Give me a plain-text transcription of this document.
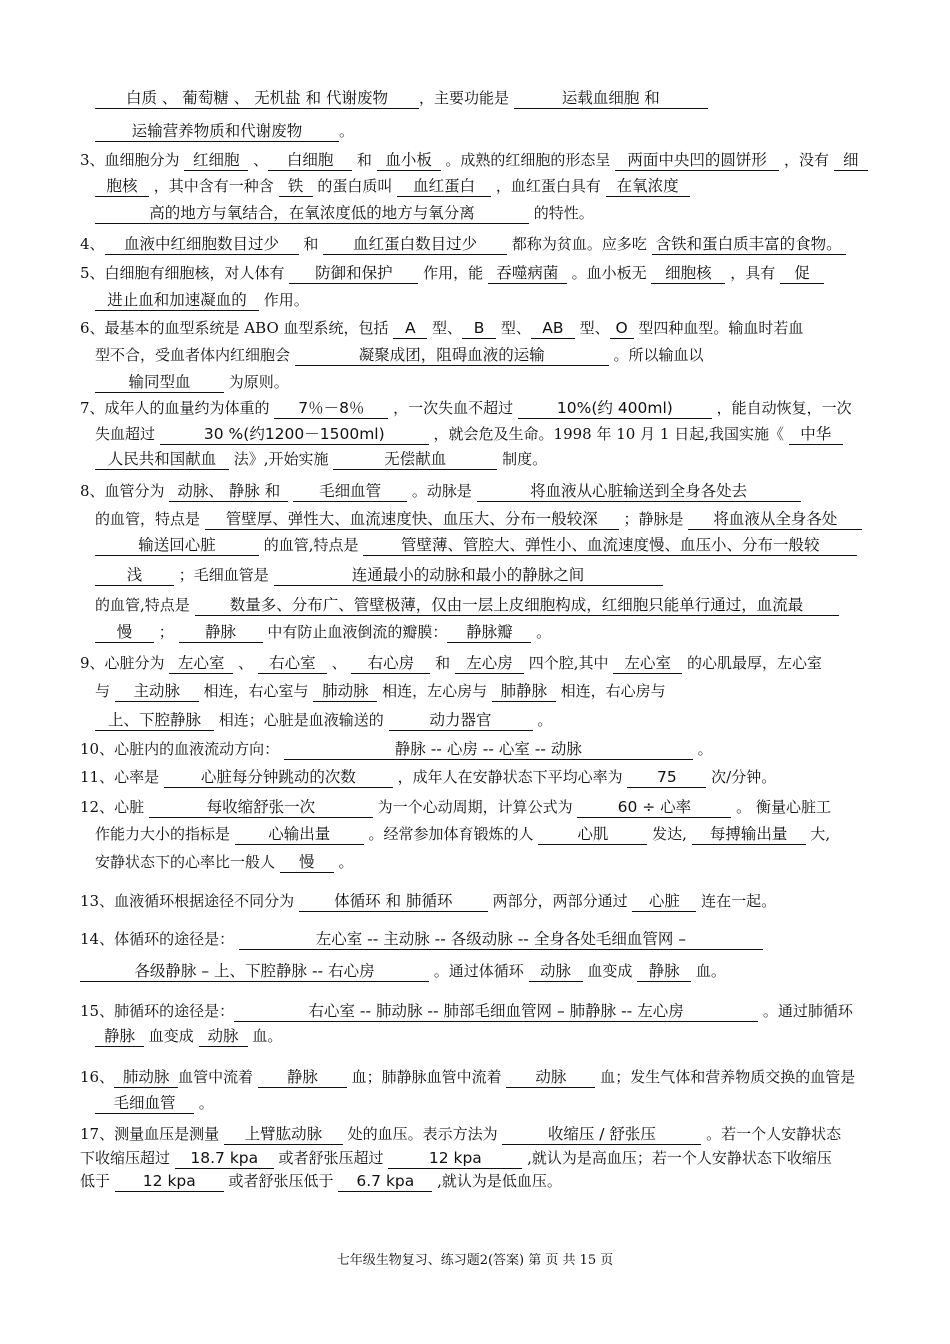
白质 、 葡萄糖 、 无机盐 和 代谢废物 ，主要功能是	运载血细胞 和
运输营养物质和代谢废物 。
3、血细胞分为 红细胞 、 白细胞 和 血小板 。成熟的红细胞的形态呈 两面中央凹的圆饼形 ，没有 细
胞核 ，其中含有一种含 铁 的蛋白质叫 血红蛋白 ，血红蛋白具有 在氧浓度
高的地方与氧结合，在氧浓度低的地方与氧分离	的特性。
4、 血液中红细胞数目过少 和 血红蛋白数目过少 都称为贫血。应多吃 含铁和蛋白质丰富的食物。
5、白细胞有细胞核，对人体有 防御和保护 作用，能 吞噬病菌 。血小板无 细胞核 ，具有 促
进止血和加速凝血的 作用。
6、最基本的血型系统是 ABO 血型系统，包括 A 型、 B 型、 AB 型、 O 型四种血型。输血时若血
型不合，受血者体内红细胞会	凝聚成团，阻碍血液的运输	。所以输血以
输同型血 为原则。
7、成年人的血量约为体重的 7％－8％ ，一次失血不超过	10%(约 400ml)	，能自动恢复，一次
失血超过	30 %(约1200－1500ml)	，就会危及生命。1998 年 10 月 1 日起,我国实施《 中华
人民共和国献血 法》,开始实施	无偿献血	制度。
8、血管分为 动脉、 静脉 和	毛细血管 。动脉是	将血液从心脏输送到全身各处去
的血管，特点是 管壁厚、弹性大、血流速度快、血压大、分布一般较深 ；静脉是 将血液从全身各处
输送回心脏	的血管,特点是 管壁薄、管腔大、弹性小、血流速度慢、血压小、分布一般较
浅 ；毛细血管是	连通最小的动脉和最小的静脉之间
的血管,特点是 数量多、分布广、管壁极薄，仅由一层上皮细胞构成，红细胞只能单行通过，血流最
慢 ； 静脉 中有防止血液倒流的瓣膜： 静脉瓣 。
9、心脏分为 左心室 、 右心室 、 右心房 和 左心房 四个腔,其中 左心室 的心肌最厚，左心室
与 主动脉 相连，右心室与 肺动脉 相连，左心房与 肺静脉 相连，右心房与
上、下腔静脉 相连；心脏是血液输送的	动力器官	。
10、心脏内的血液流动方向：	静脉 -- 心房 -- 心室 -- 动脉	。
11、心率是 心脏每分钟跳动的次数 ，成年人在安静状态下平均心率为 75 次/分钟。
12、心脏	每收缩舒张一次	为一个心动周期，计算公式为	60 ÷ 心率	。 衡量心脏工
作能力大小的指标是 心输出量 。经常参加体育锻炼的人	心肌	发达, 每搏输出量 大,
安静状态下的心率比一般人 慢 。
13、血液循环根据途径不同分为 体循环 和 肺循环 两部分，两部分通过 心脏 连在一起。
14、体循环的途径是：	左心室 -- 主动脉 -- 各级动脉 -- 全身各处毛细血管网 –
各级静脉 – 上、下腔静脉 -- 右心房	。通过体循环 动脉 血变成 静脉 血。
15、肺循环的途径是：	右心室 -- 肺动脉 -- 肺部毛细血管网 – 肺静脉 -- 左心房	。通过肺循环
静脉 血变成 动脉 血。
16、 肺动脉 血管中流着 静脉 血；肺静脉血管中流着 动脉 血；发生气体和营养物质交换的血管是
毛细血管 。
17、测量血压是测量 上臂肱动脉 处的血压。表示方法为	收缩压 / 舒张压	。若一个人安静状态
下收缩压超过 18.7 kpa 或者舒张压超过	12 kpa	,就认为是高血压；若一个人安静状态下收缩压
低于 12 kpa 或者舒张压低于 6.7 kpa ,就认为是低血压。
七年级生物复习、练习题2(答案) 第 页 共 15 页
